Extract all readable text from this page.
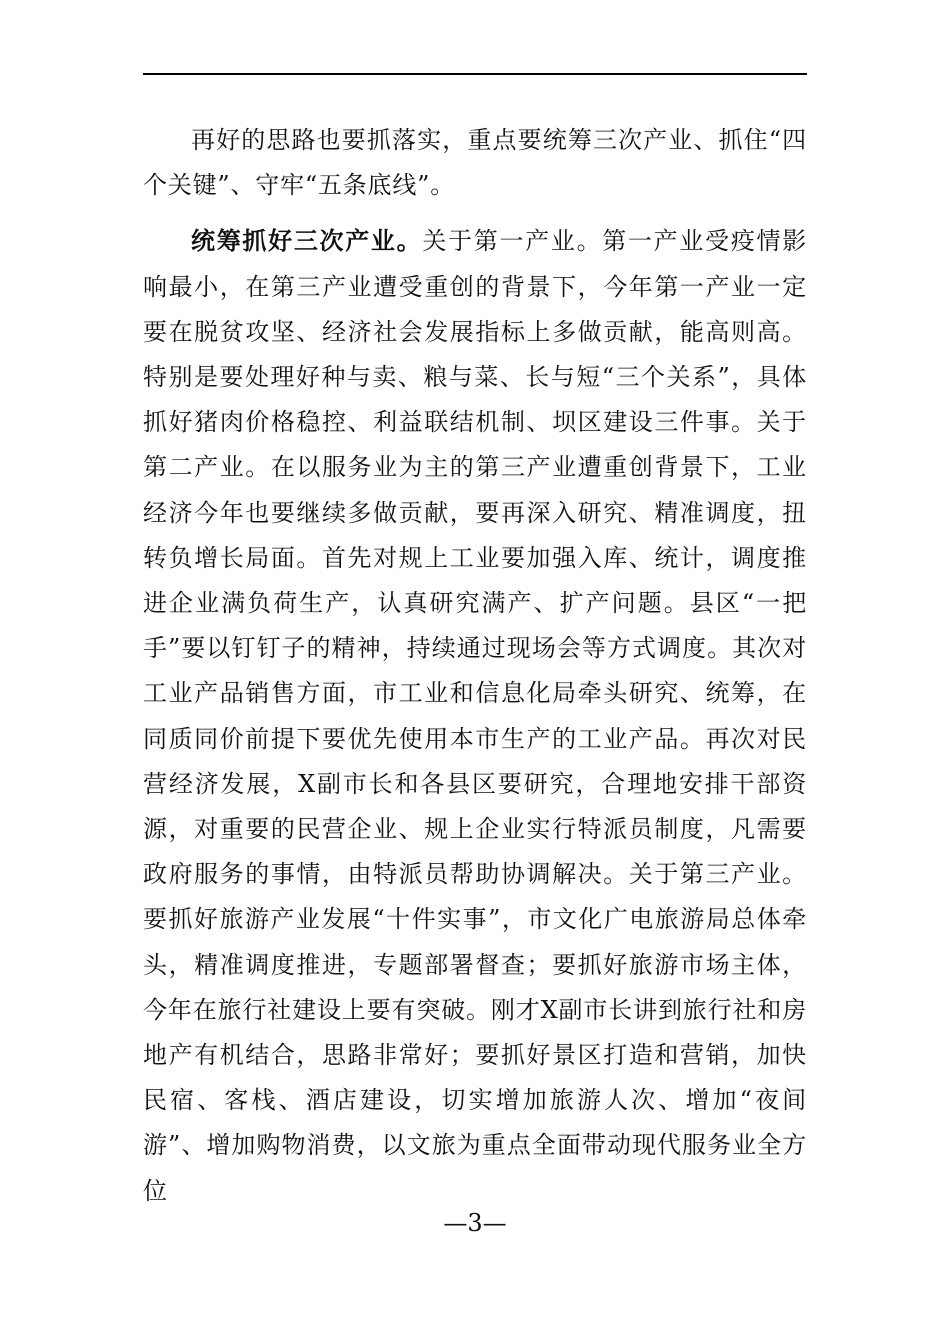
再好的思路也要抓落实，重点要统筹三次产业、抓住“四个关键”、守牢“五条底线”。

统筹抓好三次产业。关于第一产业。第一产业受疫情影响最小，在第三产业遭受重创的背景下，今年第一产业一定要在脱贫攻坚、经济社会发展指标上多做贡献，能高则高。特别是要处理好种与卖、粮与菜、长与短“三个关系”，具体抓好猪肉价格稳控、利益联结机制、坝区建设三件事。关于第二产业。在以服务业为主的第三产业遭重创背景下，工业经济今年也要继续多做贡献，要再深入研究、精准调度，扭转负增长局面。首先对规上工业要加强入库、统计，调度推进企业满负荷生产，认真研究满产、扩产问题。县区“一把手”要以钉钉子的精神，持续通过现场会等方式调度。其次对工业产品销售方面，市工业和信息化局牵头研究、统筹，在同质同价前提下要优先使用本市生产的工业产品。再次对民营经济发展，X副市长和各县区要研究，合理地安排干部资源，对重要的民营企业、规上企业实行特派员制度，凡需要政府服务的事情，由特派员帮助协调解决。关于第三产业。要抓好旅游产业发展“十件实事”，市文化广电旅游局总体牵头，精准调度推进，专题部署督查；要抓好旅游市场主体，今年在旅行社建设上要有突破。刚才X副市长讲到旅行社和房地产有机结合，思路非常好；要抓好景区打造和营销，加快民宿、客栈、酒店建设，切实增加旅游人次、增加“夜间游”、增加购物消费，以文旅为重点全面带动现代服务业全方位

—3—
